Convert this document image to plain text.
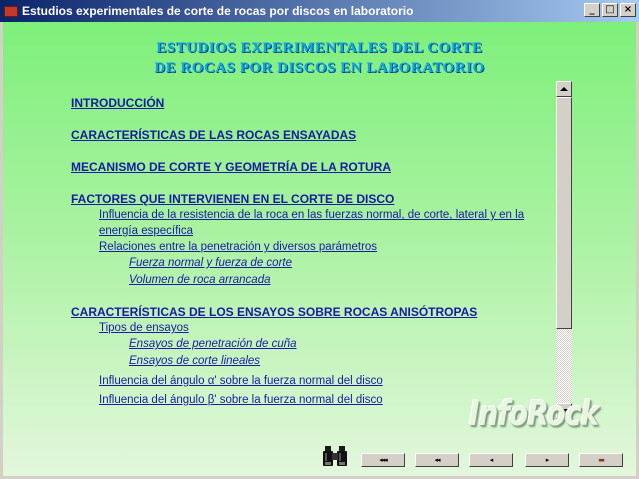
Estudios experimentales de corte de rocas por discos en laboratorio	_	□ ×
ESTUDIOS EXPERIMENTALES DEL CORTE
DE ROCAS POR DISCOS EN LABORATORIO
INTRODUCCIÓN
CARACTERÍSTICAS DE LAS ROCAS ENSAYADAS
MECANISMO DE CORTE Y GEOMETRÍA DE LA ROTURA
FACTORES QUE INTERVIENEN EN EL CORTE DE DISCO
Influencia de la resistencia de la roca en las fuerzas normal, de corte, lateral y en la energía específica
Relaciones entre la penetración y diversos parámetros
Fuerza normal y fuerza de corte
Volumen de roca arrancada
CARACTERÍSTICAS DE LOS ENSAYOS SOBRE ROCAS ANISÓTROPAS
Tipos de ensayos
Ensayos de penetración de cuña
Ensayos de corte lineales
Influencia del ángulo α' sobre la fuerza normal del disco
Influencia del ángulo β' sobre la fuerza normal del disco	InfoRock
◂◂◂	◂◂	◂	▸	▬
